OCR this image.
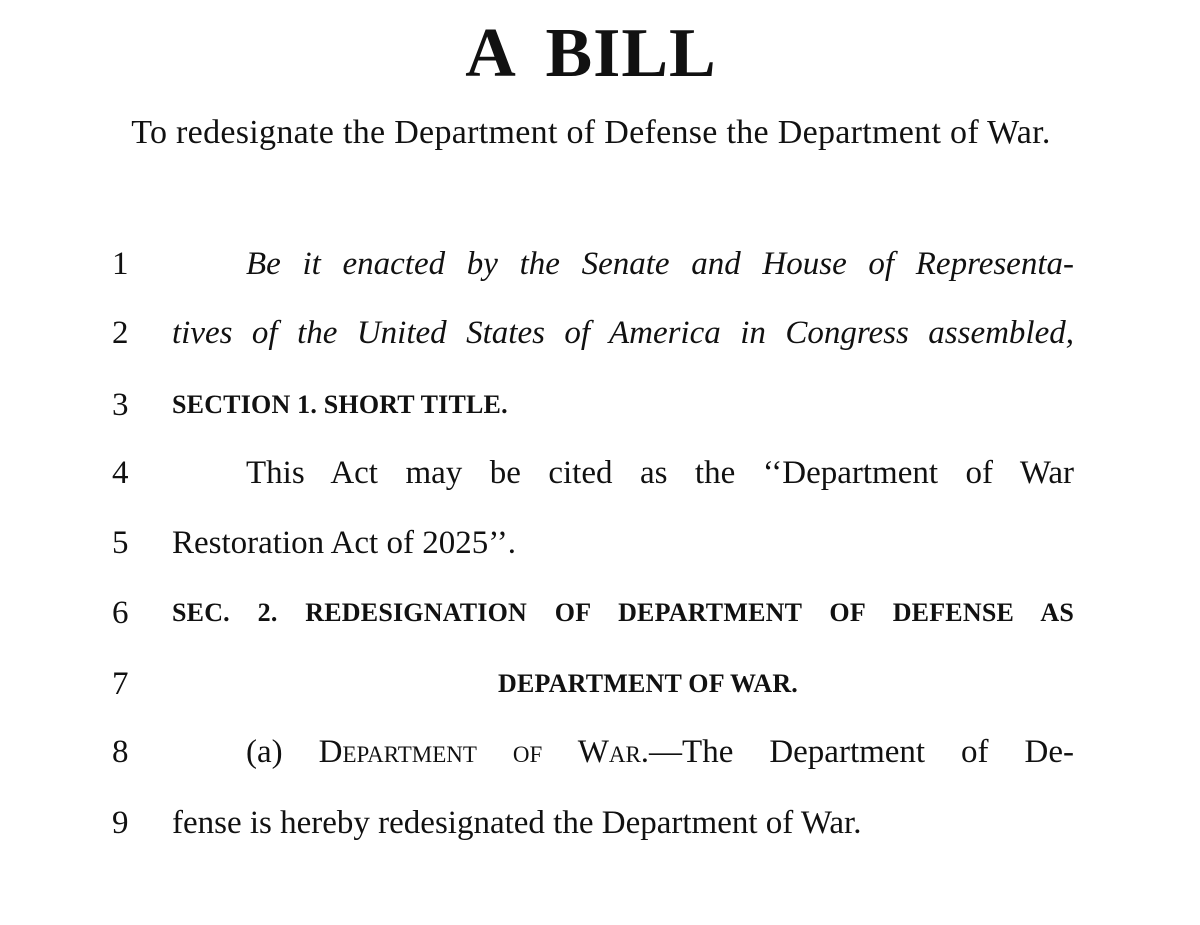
A BILL
To redesignate the Department of Defense the Department of War.
1	Be it enacted by the Senate and House of Representa-
2	tives of the United States of America in Congress assembled,
3	SECTION 1. SHORT TITLE.
4	This Act may be cited as the ‘‘Department of War
5	Restoration Act of 2025’’.
6	SEC. 2. REDESIGNATION OF DEPARTMENT OF DEFENSE AS
7	DEPARTMENT OF WAR.
8	(a) Department of War.—The Department of De-
9	fense is hereby redesignated the Department of War.
